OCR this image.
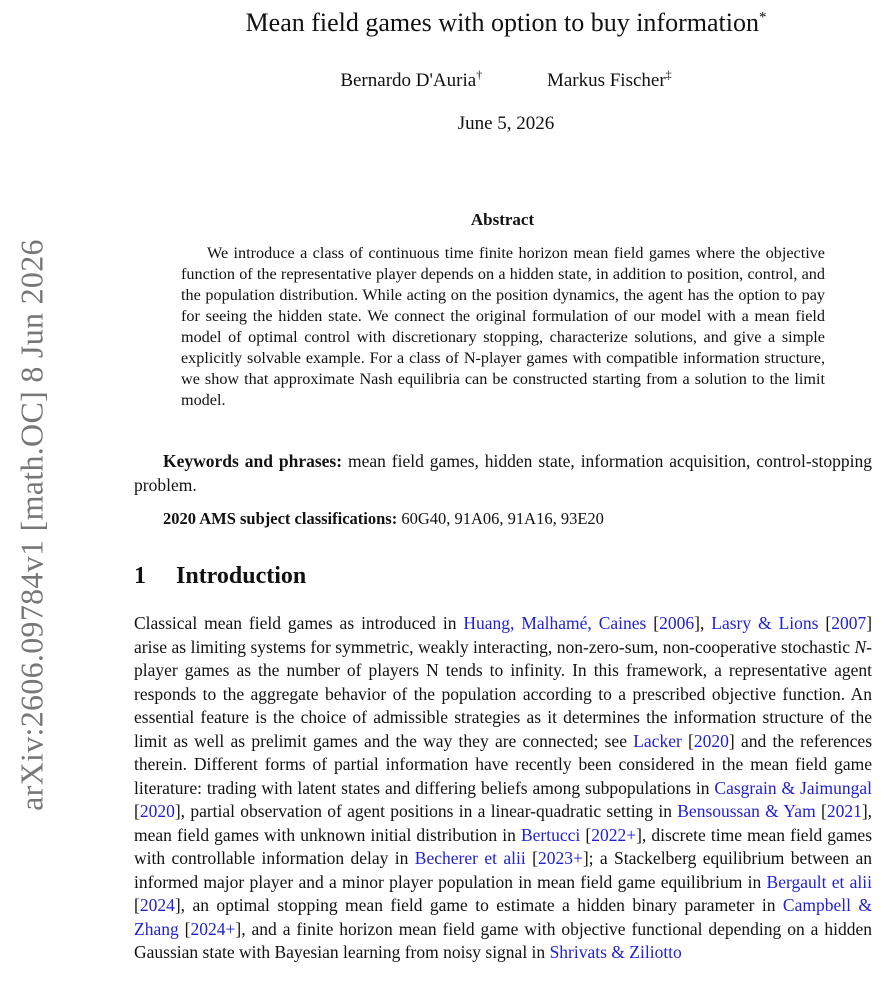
arXiv:2606.09784v1 [math.OC] 8 Jun 2026
Mean field games with option to buy information*
Bernardo D'Auria†	Markus Fischer‡
June 5, 2026
Abstract

We introduce a class of continuous time finite horizon mean field games where the objective function of the representative player depends on a hidden state, in addition to position, control, and the population distribution. While acting on the position dynamics, the agent has the option to pay for seeing the hidden state. We connect the original formulation of our model with a mean field model of optimal control with discretionary stopping, characterize solutions, and give a simple explicitly solvable example. For a class of N-player games with compatible information structure, we show that approximate Nash equilibria can be constructed starting from a solution to the limit model.

Keywords and phrases: mean field games, hidden state, information acquisition, control-stopping problem.

2020 AMS subject classifications: 60G40, 91A06, 91A16, 93E20

1 Introduction

Classical mean field games as introduced in Huang, Malhamé, Caines [2006], Lasry & Lions [2007] arise as limiting systems for symmetric, weakly interacting, non-zero-sum, non-cooperative stochastic N-player games as the number of players N tends to infinity. In this framework, a representative agent responds to the aggregate behavior of the population according to a prescribed objective function. An essential feature is the choice of admissible strategies as it determines the information structure of the limit as well as prelimit games and the way they are connected; see Lacker [2020] and the references therein. Different forms of partial information have recently been considered in the mean field game literature: trading with latent states and differing beliefs among subpopulations in Casgrain & Jaimungal [2020], partial observation of agent positions in a linear-quadratic setting in Bensoussan & Yam [2021], mean field games with unknown initial distribution in Bertucci [2022+], discrete time mean field games with controllable information delay in Becherer et alii [2023+]; a Stackelberg equilibrium between an informed major player and a minor player population in mean field game equilibrium in Bergault et alii [2024], an optimal stopping mean field game to estimate a hidden binary parameter in Campbell & Zhang [2024+], and a finite horizon mean field game with objective functional depending on a hidden Gaussian state with Bayesian learning from noisy signal in Shrivats & Ziliotto
